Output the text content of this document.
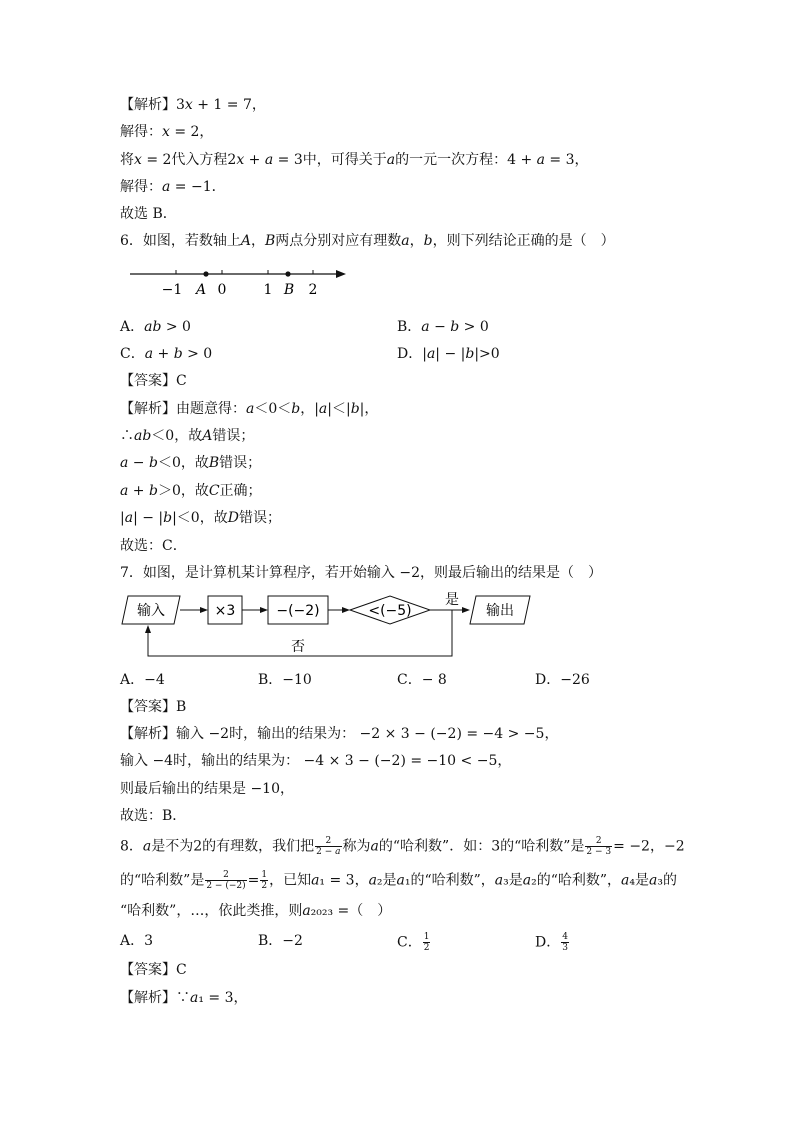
【解析】3𝑥 + 1 = 7，
解得：𝑥 = 2，
将𝑥 = 2代入方程2𝑥 + 𝑎 = 3中，可得关于𝑎的一元一次方程：4 + 𝑎 = 3，
解得：𝑎 = −1．
故选 B．
6．如图，若数轴上𝐴，𝐵两点分别对应有理数𝑎，𝑏，则下列结论正确的是（　）
−1 𝐴 0	1 𝐵 2
A．𝑎𝑏 > 0	B．𝑎 − 𝑏 > 0
C．𝑎 + 𝑏 > 0	D．|𝑎| − |𝑏|>0
【答案】C
【解析】由题意得：𝑎＜0＜𝑏，|𝑎|＜|𝑏|，
∴𝑎𝑏＜0，故𝐴错误；
𝑎 − 𝑏＜0，故𝐵错误；
𝑎 + 𝑏＞0，故𝐶正确；
|𝑎| − |𝑏|＜0，故𝐷错误；
故选：C．
7．如图，是计算机某计算程序，若开始输入 −2，则最后输出的结果是（　）
输入	×3	−(−2)	<(−5)
是
输出
否
A．−4	B．−10	C．− 8	D．−26
【答案】B
【解析】输入 −2时，输出的结果为： −2 × 3 − (−2) = −4 > −5，
输入 −4时，输出的结果为： −4 × 3 − (−2) = −10 < −5，
则最后输出的结果是 −10，
故选：B．
8．𝑎是不为2的有理数，我们把 $\frac{2}{\text{2 − 𝑎}}$ 称为𝑎的“哈利数”．如：3的“哈利数”是 $\frac{2}{2 - 3} = -2$，−2
的“哈利数”是 $\frac{2}{2 - (-2)} = \frac{1}{2}$ ，已知𝑎₁ = 3，𝑎₂是𝑎₁的“哈利数”，𝑎₃是𝑎₂的“哈利数”，𝑎₄是𝑎₃的
“哈利数”，…，依此类推，则𝑎₂₀₂₃ =（　）
A．3	B．−2	C． $\frac{1}{2}$	D． $\frac{4}{3}$
【答案】C
【解析】∵𝑎₁ = 3，
